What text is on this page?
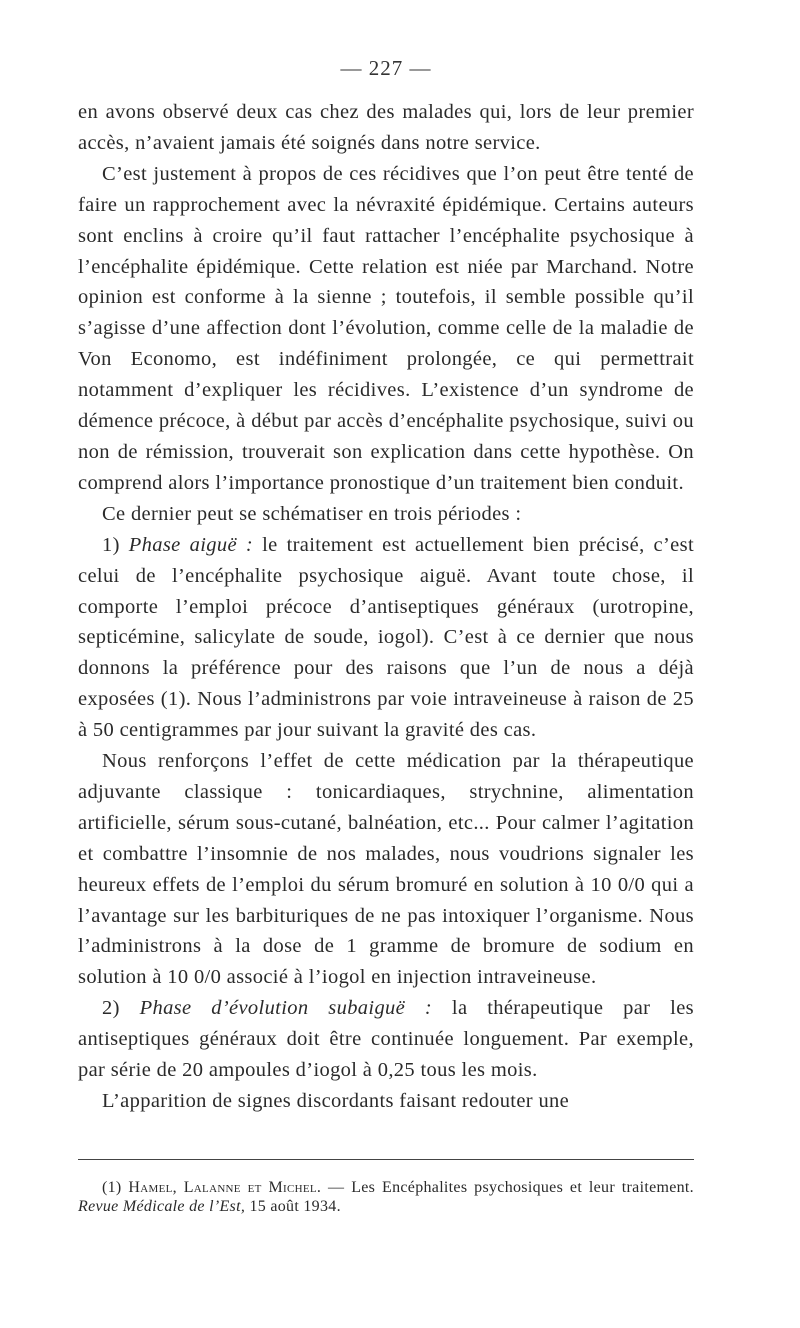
— 227 —

en avons observé deux cas chez des malades qui, lors de leur premier accès, n’avaient jamais été soignés dans notre service.

C’est justement à propos de ces récidives que l’on peut être tenté de faire un rapprochement avec la névraxité épidémique. Certains auteurs sont enclins à croire qu’il faut rattacher l’encéphalite psychosique à l’encéphalite épidémique. Cette relation est niée par Marchand. Notre opinion est conforme à la sienne ; toutefois, il semble possible qu’il s’agisse d’une affection dont l’évolution, comme celle de la maladie de Von Economo, est indéfiniment prolongée, ce qui permettrait notamment d’expliquer les récidives. L’existence d’un syndrome de démence précoce, à début par accès d’encéphalite psychosique, suivi ou non de rémission, trouverait son explication dans cette hypothèse. On comprend alors l’importance pronostique d’un traitement bien conduit.

Ce dernier peut se schématiser en trois périodes :

1) Phase aiguë : le traitement est actuellement bien précisé, c’est celui de l’encéphalite psychosique aiguë. Avant toute chose, il comporte l’emploi précoce d’antiseptiques généraux (urotropine, septicémine, salicylate de soude, iogol). C’est à ce dernier que nous donnons la préférence pour des raisons que l’un de nous a déjà exposées (1). Nous l’administrons par voie intraveineuse à raison de 25 à 50 centigrammes par jour suivant la gravité des cas.

Nous renforçons l’effet de cette médication par la thérapeutique adjuvante classique : tonicardiaques, strychnine, alimentation artificielle, sérum sous-cutané, balnéation, etc... Pour calmer l’agitation et combattre l’insomnie de nos malades, nous voudrions signaler les heureux effets de l’emploi du sérum bromuré en solution à 10 0/0 qui a l’avantage sur les barbituriques de ne pas intoxiquer l’organisme. Nous l’administrons à la dose de 1 gramme de bromure de sodium en solution à 10 0/0 associé à l’iogol en injection intraveineuse.

2) Phase d’évolution subaiguë : la thérapeutique par les antiseptiques généraux doit être continuée longuement. Par exemple, par série de 20 ampoules d’iogol à 0,25 tous les mois.

L’apparition de signes discordants faisant redouter une

(1) Hamel, Lalanne et Michel. — Les Encéphalites psychosiques et leur traitement. Revue Médicale de l’Est, 15 août 1934.
